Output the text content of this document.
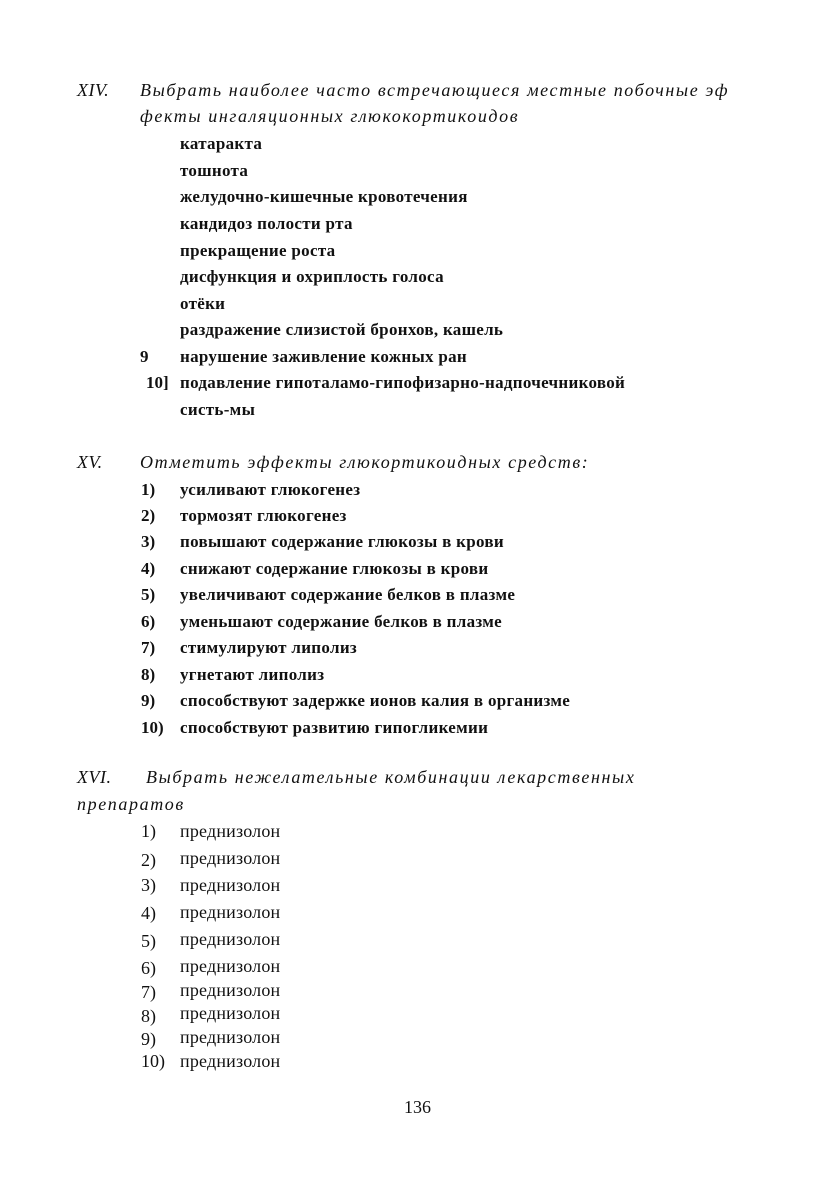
XIV. Выбрать наиболее часто встречающиеся местные побочные эф
фекты ингаляционных глюкокортикоидов
катаракта
тошнота
желудочно-кишечные кровотечения
кандидоз полости рта
прекращение роста
дисфункция и охриплость голоса
отёки
раздражение слизистой бронхов, кашель
9 нарушение заживление кожных ран
10] подавление гипоталамо-гипофизарно-надпочечниковой
систь-мы
XV. Отметить эффекты глюкортикоидных средств:
1) усиливают глюкогенез
2) тормозят глюкогенез
3) повышают содержание глюкозы в крови
4) снижают содержание глюкозы в крови
5) увеличивают содержание белков в плазме
6) уменьшают содержание белков в плазме
7) стимулируют липолиз
8) угнетают липолиз
9) способствуют задержке ионов калия в организме
10) способствуют развитию гипогликемии
XVI. Выбрать нежелательные комбинации лекарственных
препаратов
1) преднизолон
2) преднизолон
3) преднизолон
4) преднизолон
5) преднизолон
6) преднизолон
7) преднизолон
8) преднизолон
9) преднизолон
10) преднизолон
136
